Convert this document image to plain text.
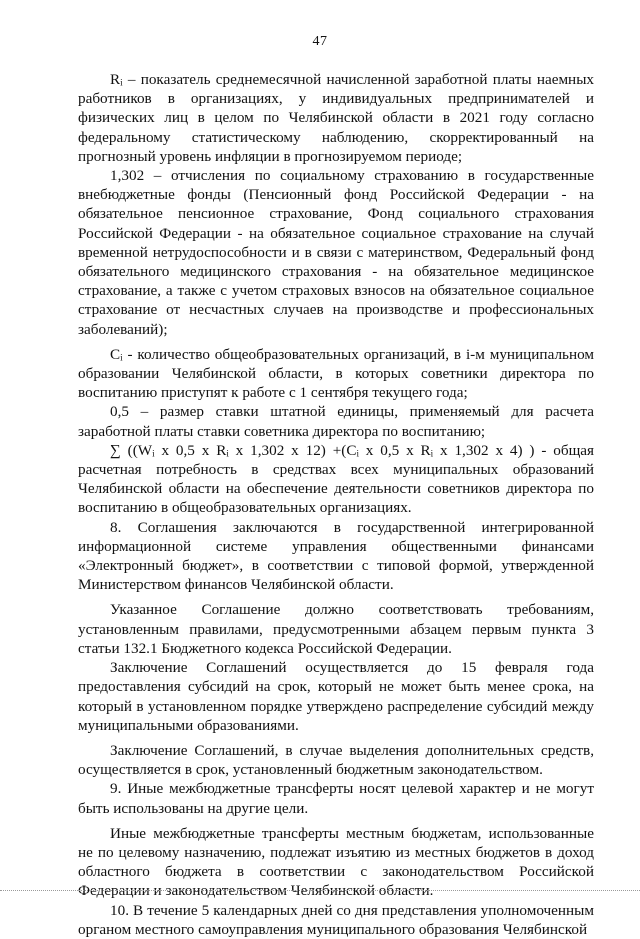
47

Rᵢ – показатель среднемесячной начисленной заработной платы наемных работников в организациях, у индивидуальных предпринимателей и физических лиц в целом по Челябинской области в 2021 году согласно федеральному статистическому наблюдению, скорректированный на прогнозный уровень инфляции в прогнозируемом периоде;

1,302 – отчисления по социальному страхованию в государственные внебюджетные фонды (Пенсионный фонд Российской Федерации - на обязательное пенсионное страхование, Фонд социального страхования Российской Федерации - на обязательное социальное страхование на случай временной нетрудоспособности и в связи с материнством, Федеральный фонд обязательного медицинского страхования - на обязательное медицинское страхование, а также с учетом страховых взносов на обязательное социальное страхование от несчастных случаев на производстве и профессиональных заболеваний);

Cᵢ - количество общеобразовательных организаций, в i-м муниципальном образовании Челябинской области, в которых советники директора по воспитанию приступят к работе с 1 сентября текущего года;

0,5 – размер ставки штатной единицы, применяемый для расчета заработной платы ставки советника директора по воспитанию;

∑ ((Wᵢ x 0,5 x Rᵢ x 1,302 x 12) +(Cᵢ x 0,5 x Rᵢ x 1,302 x 4) ) - общая расчетная потребность в средствах всех муниципальных образований Челябинской области на обеспечение деятельности советников директора по воспитанию в общеобразовательных организациях.

8. Соглашения заключаются в государственной интегрированной информационной системе управления общественными финансами «Электронный бюджет», в соответствии с типовой формой, утвержденной Министерством финансов Челябинской области.

Указанное Соглашение должно соответствовать требованиям, установленным правилами, предусмотренными абзацем первым пункта 3 статьи 132.1 Бюджетного кодекса Российской Федерации.

Заключение Соглашений осуществляется до 15 февраля года предоставления субсидий на срок, который не может быть менее срока, на который в установленном порядке утверждено распределение субсидий между муниципальными образованиями.

Заключение Соглашений, в случае выделения дополнительных средств, осуществляется в срок, установленный бюджетным законодательством.

9. Иные межбюджетные трансферты носят целевой характер и не могут быть использованы на другие цели.

Иные межбюджетные трансферты местным бюджетам, использованные не по целевому назначению, подлежат изъятию из местных бюджетов в доход областного бюджета в соответствии с законодательством Российской Федерации и законодательством Челябинской области.

10. В течение 5 календарных дней со дня представления уполномоченным органом местного самоуправления муниципального образования Челябинской
